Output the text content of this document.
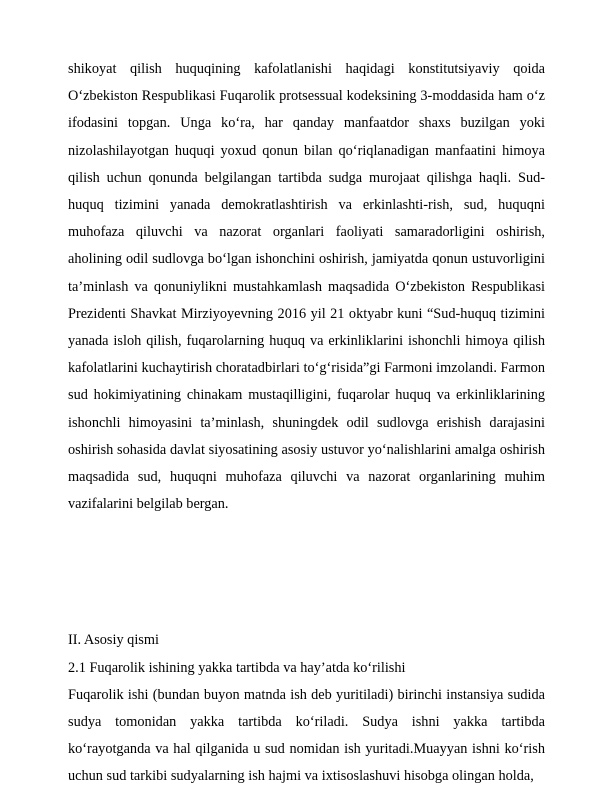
shikoyat qilish huquqining kafolatlanishi haqidagi konstitutsiyaviy qoida Oʻzbekiston Respublikasi Fuqarolik protsessual kodeksining 3-moddasida ham oʻz ifodasini topgan. Unga koʻra, har qanday manfaatdor shaxs buzilgan yoki nizolashilayotgan huquqi yoxud qonun bilan qoʻriqlanadigan manfaatini himoya qilish uchun qonunda belgilangan tartibda sudga murojaat qilishga haqli. Sud-huquq tizimini yanada demokratlashtirish va erkinlashti-rish, sud, huquqni muhofaza qiluvchi va nazorat organlari faoliyati samaradorligini oshirish, aholining odil sudlovga boʻlgan ishonchini oshirish, jamiyatda qonun ustuvorligini ta’minlash va qonuniylikni mustahkamlash maqsadida Oʻzbekiston Respublikasi Prezidenti Shavkat Mirziyoyevning 2016 yil 21 oktyabr kuni “Sud-huquq tizimini yanada isloh qilish, fuqarolarning huquq va erkinliklarini ishonchli himoya qilish kafolatlarini kuchaytirish choratadbirlari toʻgʻrisida”gi Farmoni imzolandi. Farmon sud hokimiyatining chinakam mustaqilligini, fuqarolar huquq va erkinliklarining ishonchli himoyasini ta’minlash, shuningdek odil sudlovga erishish darajasini oshirish sohasida davlat siyosatining asosiy ustuvor yoʻnalishlarini amalga oshirish maqsadida sud, huquqni muhofaza qiluvchi va nazorat organlarining muhim vazifalarini belgilab bergan.

II. Asosiy qismi

2.1 Fuqarolik ishining yakka tartibda va hay’atda koʻrilishi

Fuqarolik ishi (bundan buyon matnda ish deb yuritiladi) birinchi instansiya sudida sudya tomonidan yakka tartibda koʻriladi. Sudya ishni yakka tartibda koʻrayotganda va hal qilganida u sud nomidan ish yuritadi.Muayyan ishni koʻrish uchun sud tarkibi sudyalarning ish hajmi va ixtisoslashuvi hisobga olingan holda,
